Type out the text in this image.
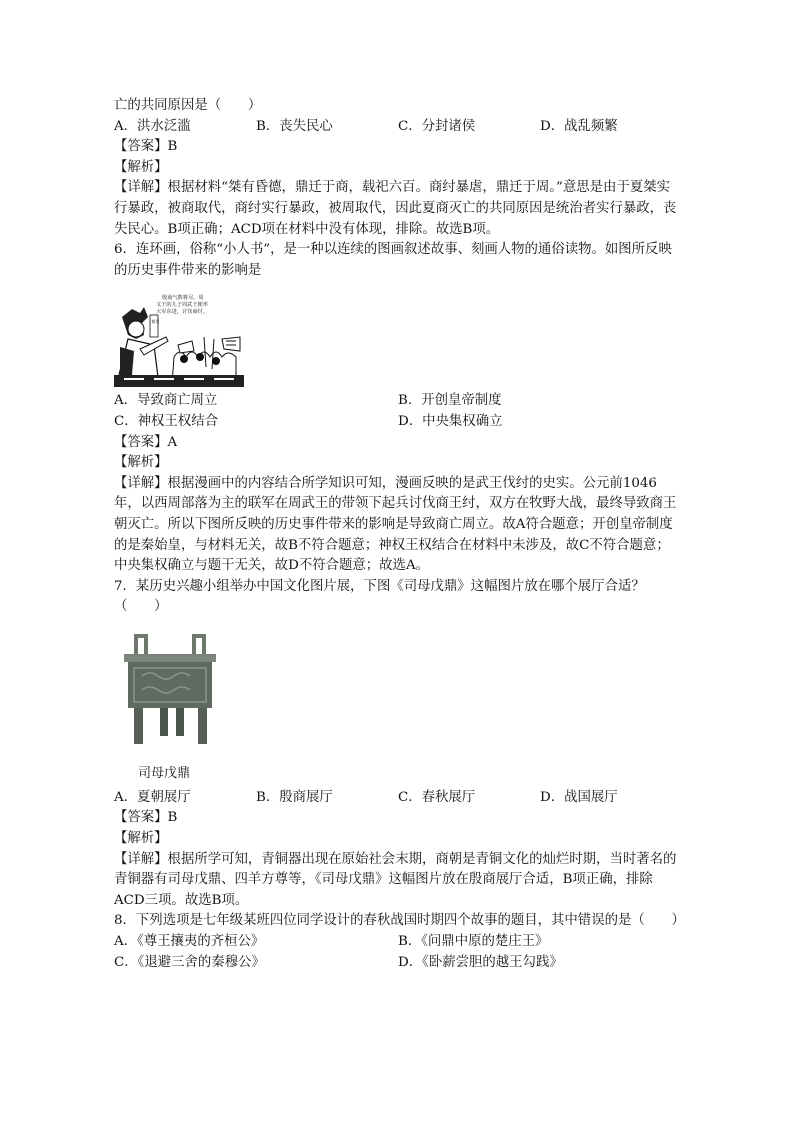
亡的共同原因是（　　）
A．洪水泛滥	B．丧失民心	C．分封诸侯	D．战乱频繁
【答案】B
【解析】
【详解】根据材料“桀有昏德，鼎迁于商，载祀六百。商纣暴虐，鼎迁于周。”意思是由于夏桀实行暴政，被商取代，商纣实行暴政，被周取代，因此夏商灭亡的共同原因是统治者实行暴政，丧失民心。B项正确；ACD项在材料中没有体现，排除。故选B项。
6．连环画，俗称“小人书”，是一种以连续的图画叙述故事、刻画人物的通俗读物。如图所反映的历史事件带来的影响是
殷商气数将尽，周
文王的儿子周武王便率
大军东进，讨伐商纣。
姬发
A．导致商亡周立	B．开创皇帝制度
C．神权王权结合	D．中央集权确立
【答案】A
【解析】
【详解】根据漫画中的内容结合所学知识可知，漫画反映的是武王伐纣的史实。公元前1046年，以西周部落为主的联军在周武王的带领下起兵讨伐商王纣，双方在牧野大战，最终导致商王朝灭亡。所以下图所反映的历史事件带来的影响是导致商亡周立。故A符合题意；开创皇帝制度的是秦始皇，与材料无关，故B不符合题意；神权王权结合在材料中未涉及，故C不符合题意；中央集权确立与题干无关，故D不符合题意；故选A。
7．某历史兴趣小组举办中国文化图片展，下图《司母戊鼎》这幅图片放在哪个展厅合适？（　　）
司母戊鼎
A．夏朝展厅	B．殷商展厅	C．春秋展厅	D．战国展厅
【答案】B
【解析】
【详解】根据所学可知，青铜器出现在原始社会末期，商朝是青铜文化的灿烂时期，当时著名的青铜器有司母戊鼎、四羊方尊等，《司母戊鼎》这幅图片放在殷商展厅合适，B项正确，排除ACD三项。故选B项。
8．下列选项是七年级某班四位同学设计的春秋战国时期四个故事的题目，其中错误的是（　　）
A．《尊王攘夷的齐桓公》	B．《问鼎中原的楚庄王》
C．《退避三舍的秦穆公》	D．《卧薪尝胆的越王勾践》
